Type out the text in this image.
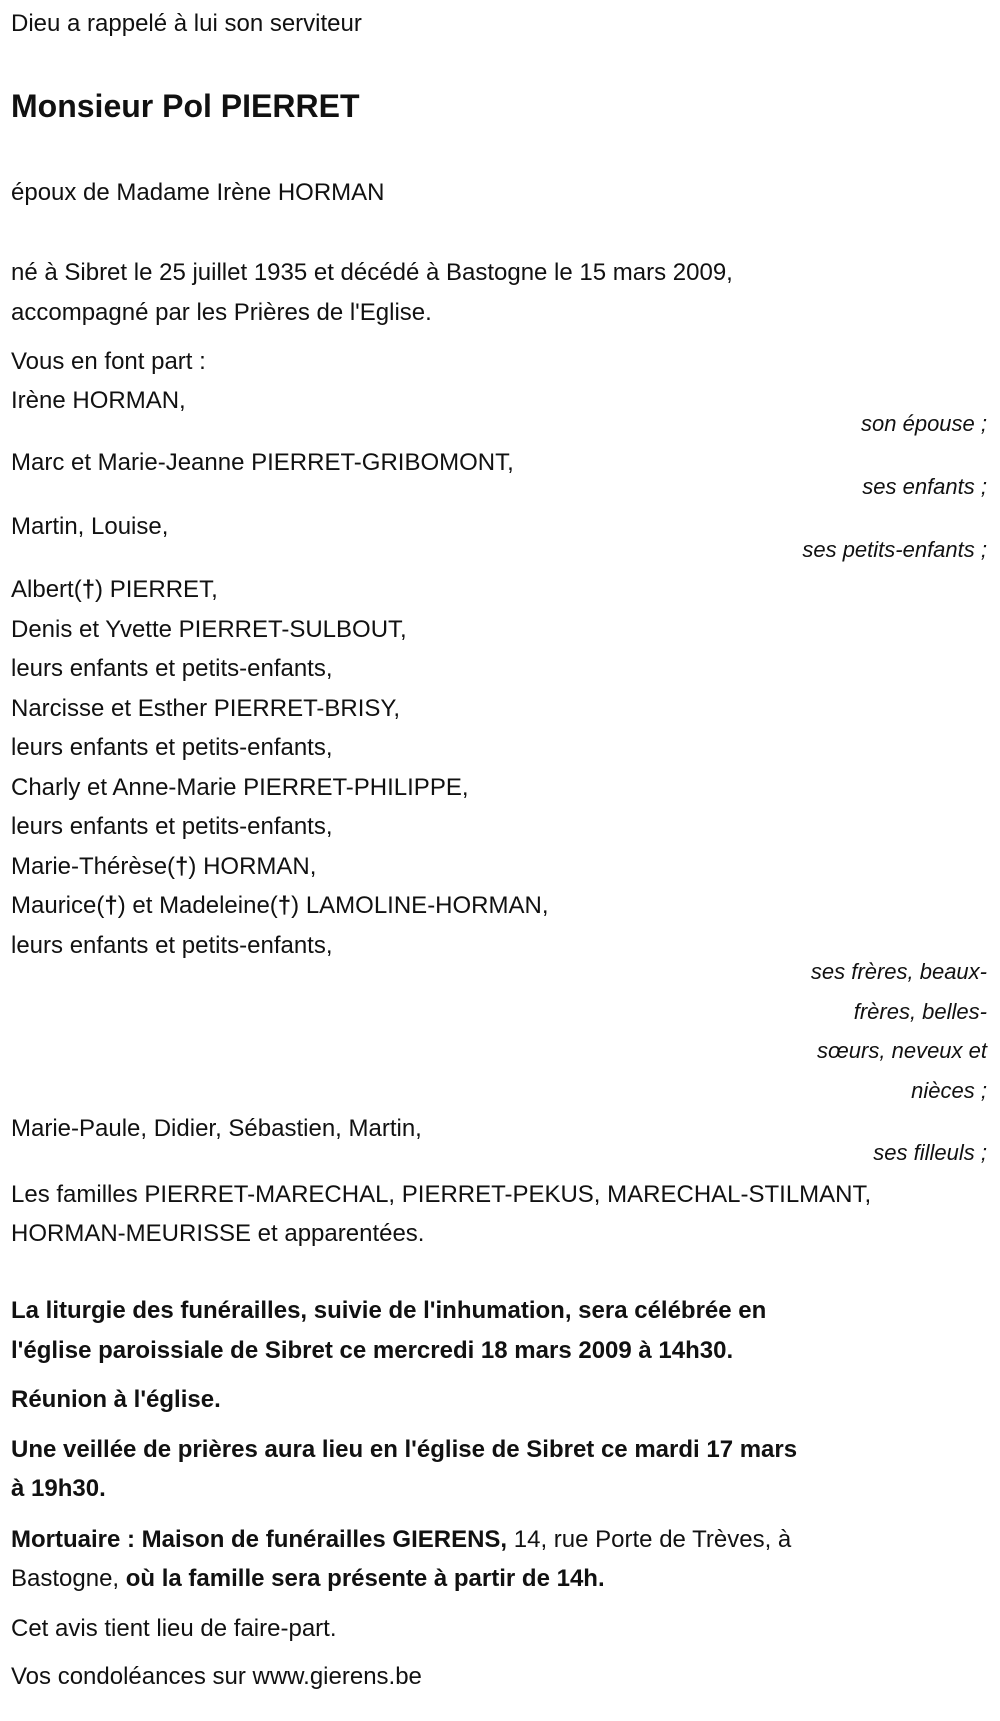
Dieu a rappelé à lui son serviteur
Monsieur Pol PIERRET
époux de Madame Irène HORMAN
né à Sibret le 25 juillet 1935 et décédé à Bastogne le 15 mars 2009,
accompagné par les Prières de l'Eglise.
Vous en font part :
Irène HORMAN,
son épouse ;
Marc et Marie-Jeanne PIERRET-GRIBOMONT,
ses enfants ;
Martin, Louise,
ses petits-enfants ;
Albert(†) PIERRET,
Denis et Yvette PIERRET-SULBOUT,
leurs enfants et petits-enfants,
Narcisse et Esther PIERRET-BRISY,
leurs enfants et petits-enfants,
Charly et Anne-Marie PIERRET-PHILIPPE,
leurs enfants et petits-enfants,
Marie-Thérèse(†) HORMAN,
Maurice(†) et Madeleine(†) LAMOLINE-HORMAN,
leurs enfants et petits-enfants,
ses frères, beaux-
frères, belles-
sœurs, neveux et
nièces ;
Marie-Paule, Didier, Sébastien, Martin,
ses filleuls ;
Les familles PIERRET-MARECHAL, PIERRET-PEKUS, MARECHAL-STILMANT,
HORMAN-MEURISSE et apparentées.
La liturgie des funérailles, suivie de l'inhumation, sera célébrée en
l'église paroissiale de Sibret ce mercredi 18 mars 2009 à 14h30.
Réunion à l'église.
Une veillée de prières aura lieu en l'église de Sibret ce mardi 17 mars
à 19h30.
Mortuaire : Maison de funérailles GIERENS, 14, rue Porte de Trèves, à
Bastogne, où la famille sera présente à partir de 14h.
Cet avis tient lieu de faire-part.
Vos condoléances sur www.gierens.be
